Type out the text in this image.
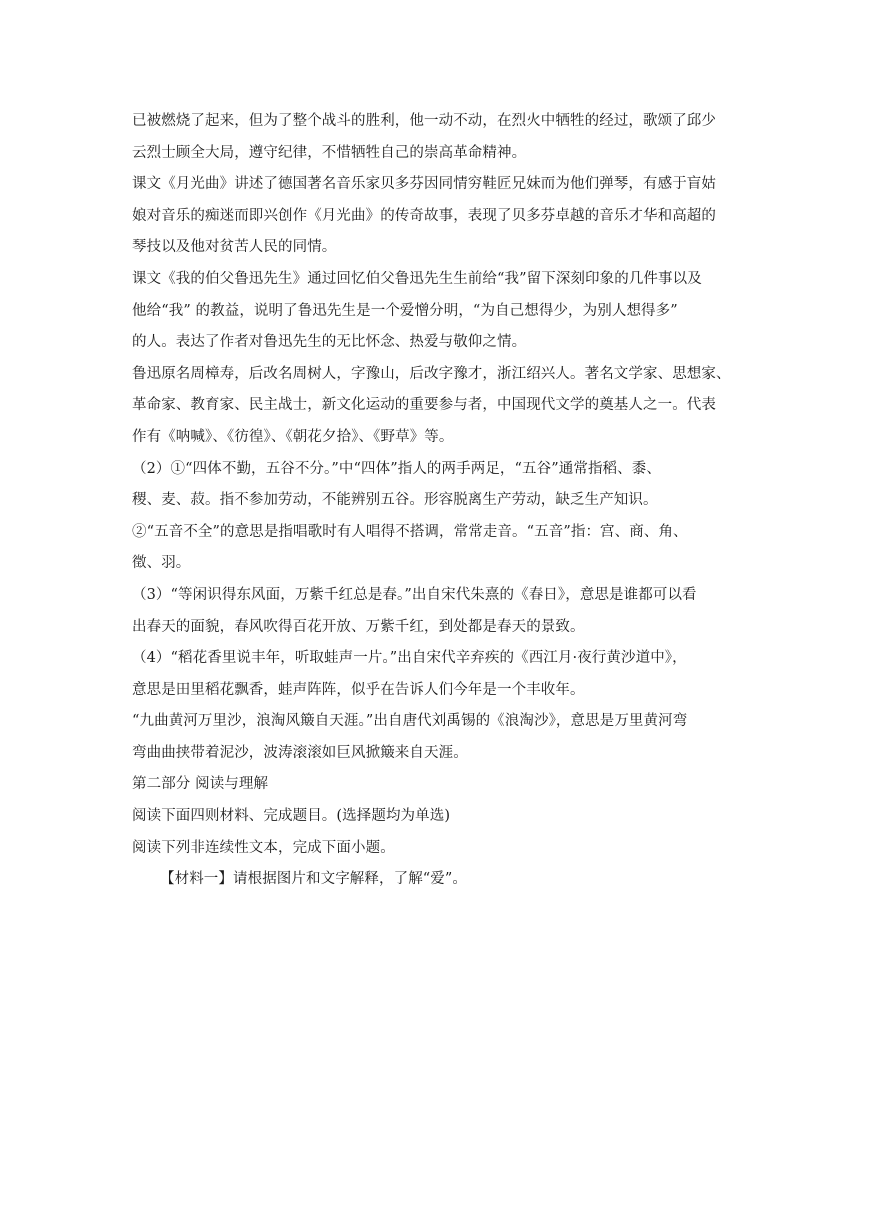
已被燃烧了起来，但为了整个战斗的胜利，他一动不动，在烈火中牺牲的经过，歌颂了邱少
云烈士顾全大局，遵守纪律，不惜牺牲自己的崇高革命精神。

课文《月光曲》讲述了德国著名音乐家贝多芬因同情穷鞋匠兄妹而为他们弹琴，有感于盲姑
娘对音乐的痴迷而即兴创作《月光曲》的传奇故事，表现了贝多芬卓越的音乐才华和高超的
琴技以及他对贫苦人民的同情。

课文《我的伯父鲁迅先生》通过回忆伯父鲁迅先生生前给“我”留下深刻印象的几件事以及
他给“我” 的教益，说明了鲁迅先生是一个爱憎分明，“为自己想得少，为别人想得多”
的人。表达了作者对鲁迅先生的无比怀念、热爱与敬仰之情。

鲁迅原名周樟寿，后改名周树人，字豫山，后改字豫才，浙江绍兴人。著名文学家、思想家、
革命家、教育家、民主战士，新文化运动的重要参与者，中国现代文学的奠基人之一。代表
作有《呐喊》、《彷徨》、《朝花夕拾》、《野草》等。

（2）①“四体不勤，五谷不分。”中“四体”指人的两手两足，“五谷”通常指稻、黍、
稷、麦、菽。指不参加劳动，不能辨别五谷。形容脱离生产劳动，缺乏生产知识。

②“五音不全”的意思是指唱歌时有人唱得不搭调，常常走音。“五音”指：宫、商、角、
徵、羽。

（3）“等闲识得东风面，万紫千红总是春。”出自宋代朱熹的《春日》，意思是谁都可以看
出春天的面貌，春风吹得百花开放、万紫千红，到处都是春天的景致。

（4）“稻花香里说丰年，听取蛙声一片。”出自宋代辛弃疾的《西江月·夜行黄沙道中》，
意思是田里稻花飘香，蛙声阵阵，似乎在告诉人们今年是一个丰收年。

“九曲黄河万里沙，浪淘风簸自天涯。”出自唐代刘禹锡的《浪淘沙》，意思是万里黄河弯
弯曲曲挟带着泥沙，波涛滚滚如巨风掀簸来自天涯。

第二部分 阅读与理解

阅读下面四则材料、完成题目。(选择题均为单选)

阅读下列非连续性文本，完成下面小题。

【材料一】请根据图片和文字解释，了解“爱”。
